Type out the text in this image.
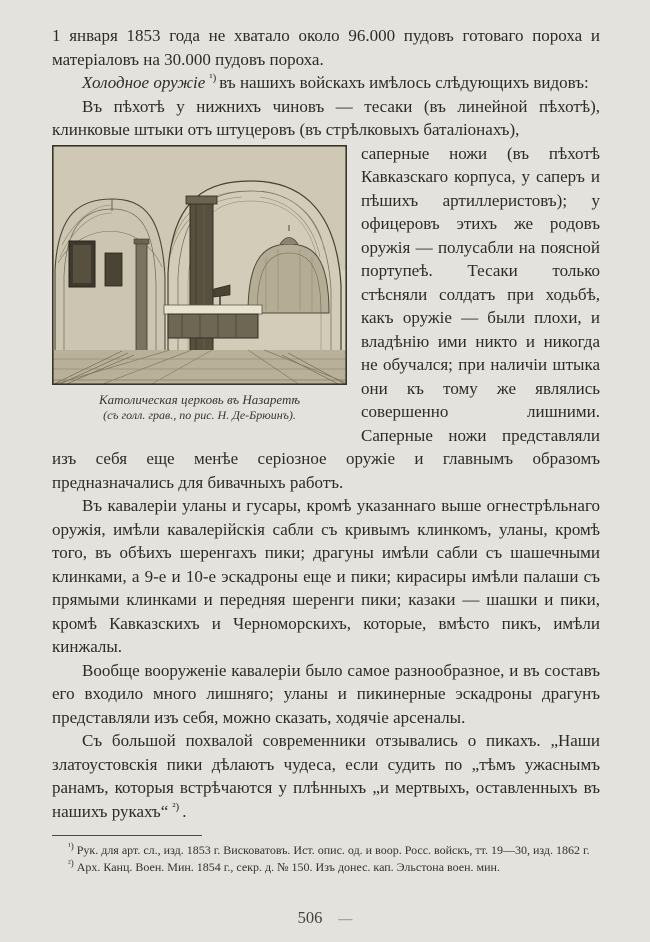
1 января 1853 года не хватало около 96.000 пудовъ готоваго пороха и матеріаловъ на 30.000 пудовъ пороха.

Холодное оружіе $^{^1)}$ въ нашихъ войскахъ имѣлось слѣдующихъ видовъ:

Въ пѣхотѣ у нижнихъ чиновъ — тесаки (въ линейной пѣхотѣ), клинковые штыки отъ штуцеровъ (въ стрѣлковыхъ баталіонахъ),

Католическая церковь въ Назаретѣ
(съ голл. грав., по рис. Н. Де-Брюинъ).

саперные ножи (въ пѣхотѣ Кавказскаго корпуса, у саперъ и пѣшихъ артиллеристовъ); у офицеровъ этихъ же родовъ оружія — полусабли на поясной портупеѣ. Тесаки только стѣсняли солдатъ при ходьбѣ, какъ оружіе — были плохи, и владѣнію ими никто и никогда не обучался; при наличіи штыка они къ тому же являлись совершенно лишними. Саперные ножи представляли изъ себя еще менѣе серіозное оружіе и главнымъ образомъ предназначались для бивачныхъ работъ.

Въ кавалеріи уланы и гусары, кромѣ указаннаго выше огнестрѣльнаго оружія, имѣли кавалерійскія сабли съ кривымъ клинкомъ, уланы, кромѣ того, въ обѣихъ шеренгахъ пики; драгуны имѣли сабли съ шашечными клинками, а 9-е и 10-е эскадроны еще и пики; кирасиры имѣли палаши съ прямыми клинками и передняя шеренги пики; казаки — шашки и пики, кромѣ Кавказскихъ и Черноморскихъ, которые, вмѣсто пикъ, имѣли кинжалы.

Вообще вооруженіе кавалеріи было самое разнообразное, и въ составъ его входило много лишняго; уланы и пикинерные эскадроны драгунъ представляли изъ себя, можно сказать, ходячіе арсеналы.

Съ большой похвалой современники отзывались о пикахъ. „Наши златоустовскія пики дѣлаютъ чудеса, если судить по „тѣмъ ужаснымъ ранамъ, которыя встрѣчаются у плѣнныхъ „и мертвыхъ, оставленныхъ въ нашихъ рукахъ“ $^{^2)}$ .

$^{^1)}$ Рук. для арт. сл., изд. 1853 г. Висковатовъ. Ист. опис. од. и воор. Росс. войскъ, тт. 19—30, изд. 1862 г.

$^{^2)}$ Арх. Канц. Воен. Мин. 1854 г., секр. д. № 150. Изъ донес. кап. Эльстона воен. мин.

506 —
